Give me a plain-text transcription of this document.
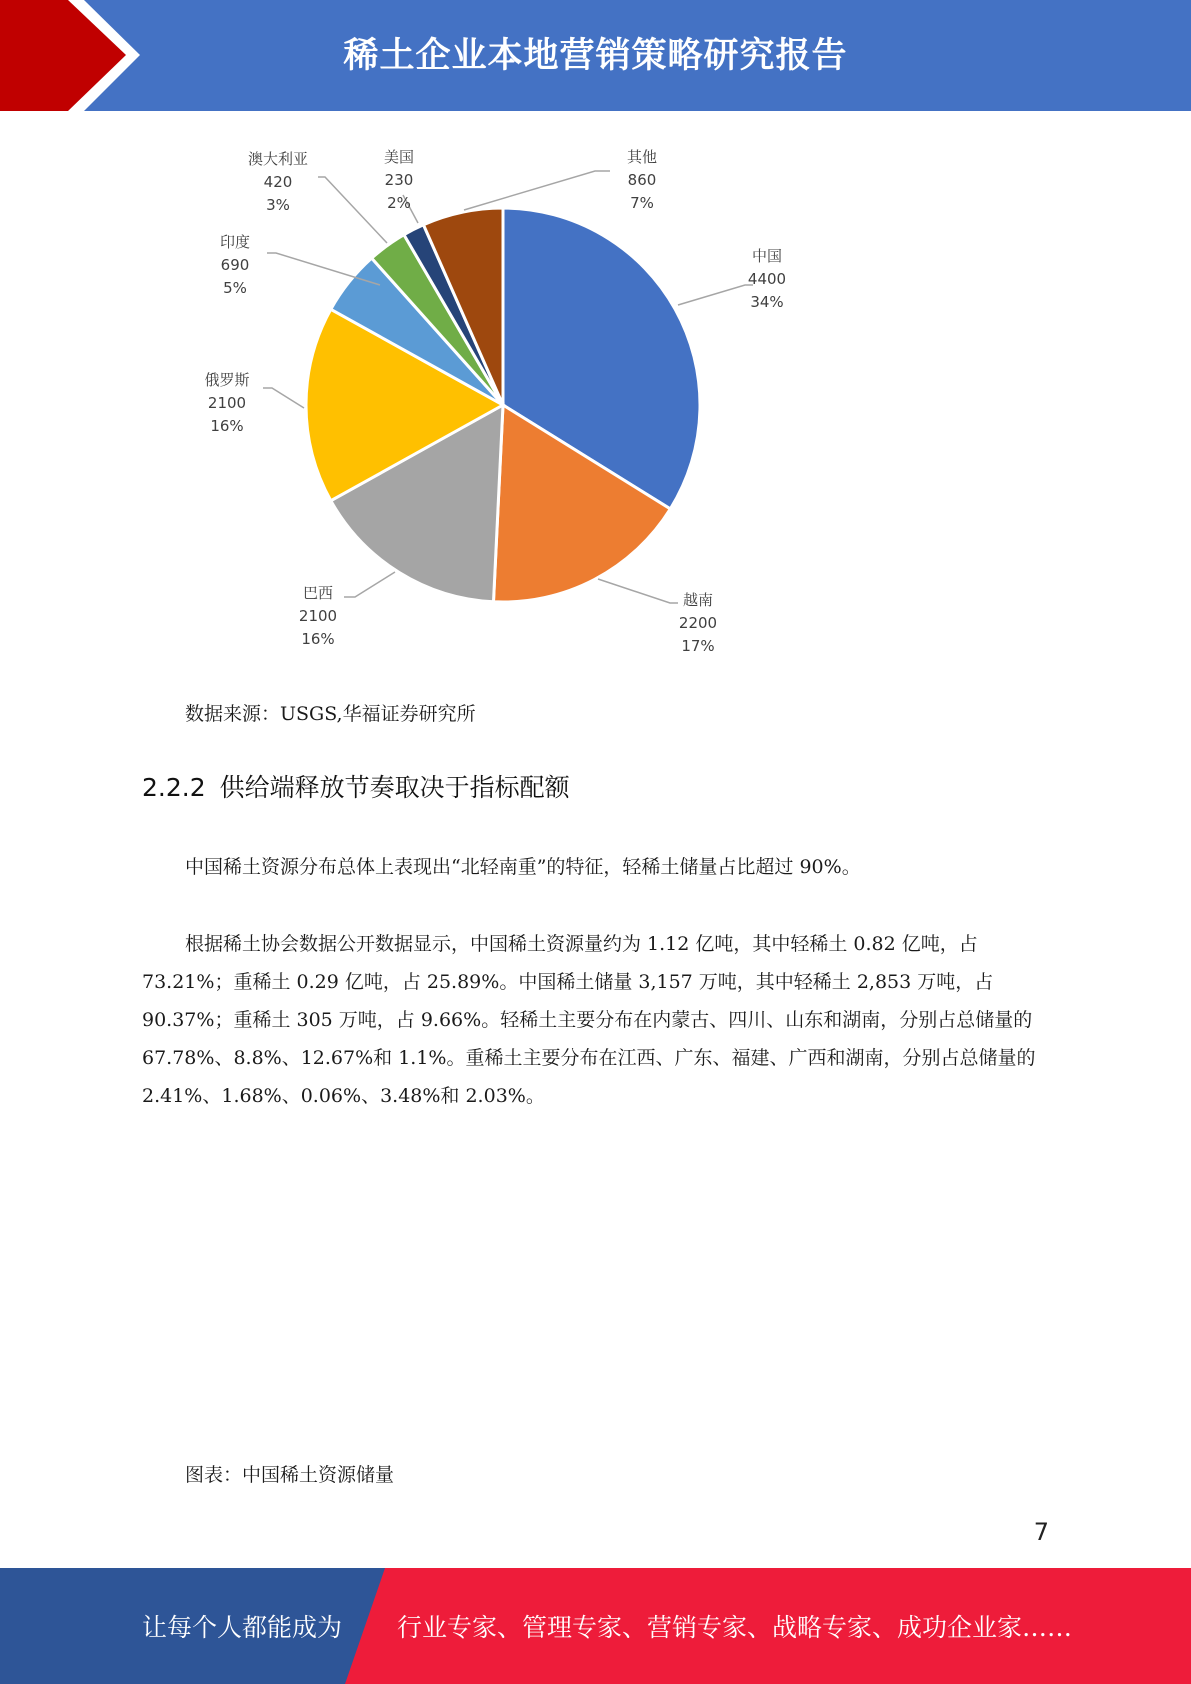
稀土企业本地营销策略研究报告
中国
4400
34%
越南
2200
17%
巴西
2100
16%
俄罗斯
2100
16%
印度
690
5%
澳大利亚
420
3%
美国
230
2%
其他
860
7%
数据来源：USGS,华福证券研究所
2.2.2 供给端释放节奏取决于指标配额
中国稀土资源分布总体上表现出“北轻南重”的特征，轻稀土储量占比超过 90%。
根据稀土协会数据公开数据显示，中国稀土资源量约为 1.12 亿吨，其中轻稀土 0.82 亿吨，占 73.21%；重稀土 0.29 亿吨，占 25.89%。中国稀土储量 3,157 万吨，其中轻稀土 2,853 万吨，占 90.37%；重稀土 305 万吨，占 9.66%。轻稀土主要分布在内蒙古、四川、山东和湖南，分别占总储量的 67.78%、8.8%、12.67%和 1.1%。重稀土主要分布在江西、广东、福建、广西和湖南，分别占总储量的 2.41%、1.68%、0.06%、3.48%和 2.03%。
图表：中国稀土资源储量
7
让每个人都能成为 行业专家、管理专家、营销专家、战略专家、成功企业家……
